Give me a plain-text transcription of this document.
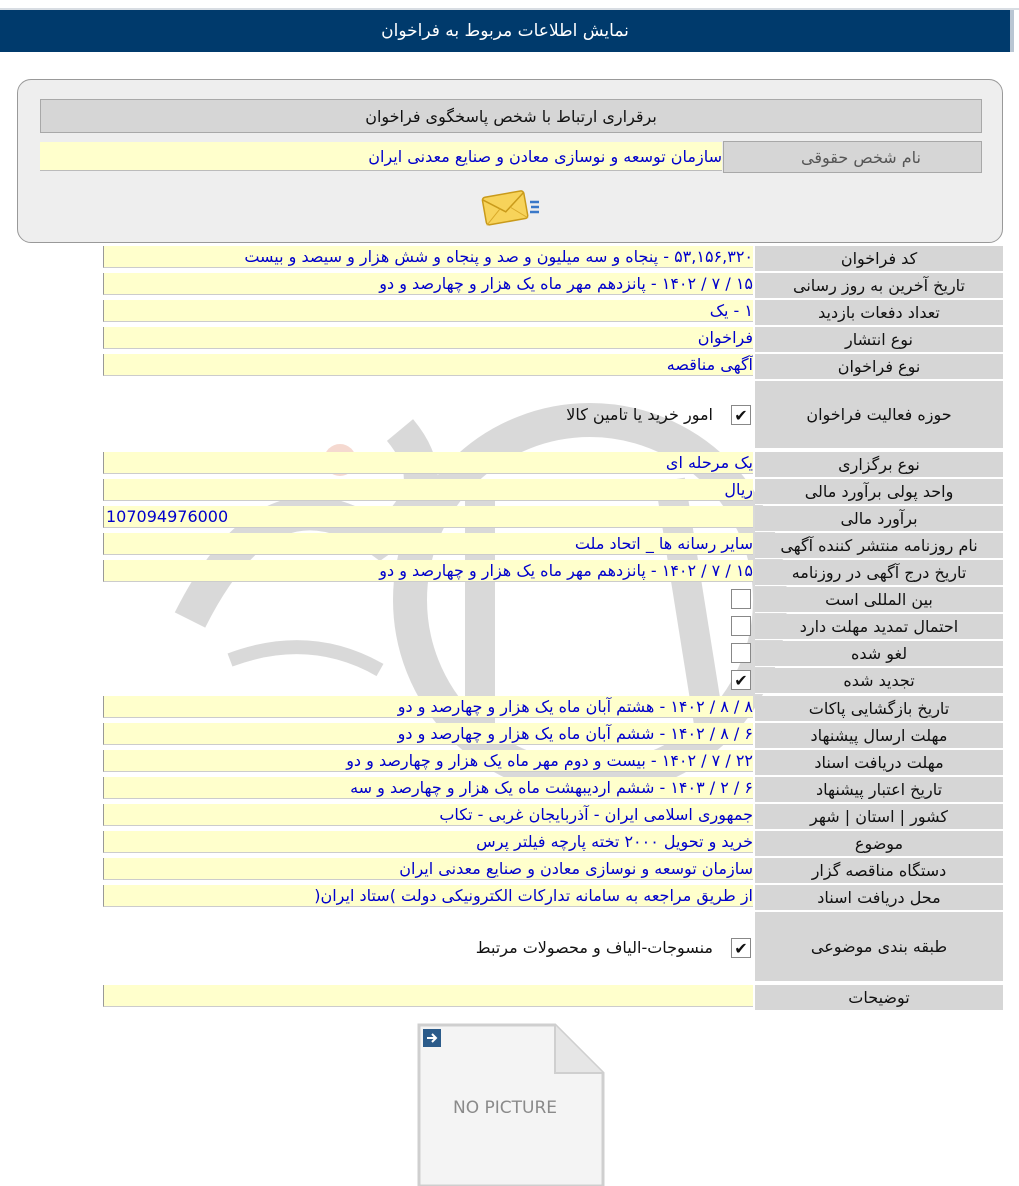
نمایش اطلاعات مربوط به فراخوان
برقراری ارتباط با شخص پاسخگوی فراخوان
نام شخص حقوقی
سازمان توسعه و نوسازی معادن و صنایع معدنی ایران
کد فراخوان
۵۳,۱۵۶,۳۲۰ - پنجاه و سه میلیون و صد و پنجاه و شش هزار و سیصد و بیست
تاریخ آخرین به روز رسانی
۱۵ / ۷ / ۱۴۰۲ - پانزدهم مهر ماه یک هزار و چهارصد و دو
تعداد دفعات بازدید
۱ - یک
نوع انتشار
فراخوان
نوع فراخوان
آگهی مناقصه
حوزه فعالیت فراخوان
✔
امور خرید یا تامین کالا
نوع برگزاری
یک مرحله ای
واحد پولی برآورد مالی
ریال
برآورد مالی
107094976000
نام روزنامه منتشر کننده آگهی
سایر رسانه ها _ اتحاد ملت
تاریخ درج آگهی در روزنامه
۱۵ / ۷ / ۱۴۰۲ - پانزدهم مهر ماه یک هزار و چهارصد و دو
بین المللی است
احتمال تمدید مهلت دارد
لغو شده
تجدید شده
✔
تاریخ بازگشایی پاکات
۸ / ۸ / ۱۴۰۲ - هشتم آبان ماه یک هزار و چهارصد و دو
مهلت ارسال پیشنهاد
۶ / ۸ / ۱۴۰۲ - ششم آبان ماه یک هزار و چهارصد و دو
مهلت دریافت اسناد
۲۲ / ۷ / ۱۴۰۲ - بیست و دوم مهر ماه یک هزار و چهارصد و دو
تاریخ اعتبار پیشنهاد
۶ / ۲ / ۱۴۰۳ - ششم اردیبهشت ماه یک هزار و چهارصد و سه
کشور | استان | شهر
جمهوری اسلامی ایران - آذربایجان غربی - تکاب
موضوع
خرید و تحویل ۲۰۰۰ تخته پارچه فیلتر پرس
دستگاه مناقصه گزار
سازمان توسعه و نوسازی معادن و صنایع معدنی ایران
محل دریافت اسناد
از طریق مراجعه به سامانه تدارکات الکترونیکی دولت )ستاد ایران(
طبقه بندی موضوعی
✔
منسوجات-الیاف و محصولات مرتبط
توضیحات
NO PICTURE
